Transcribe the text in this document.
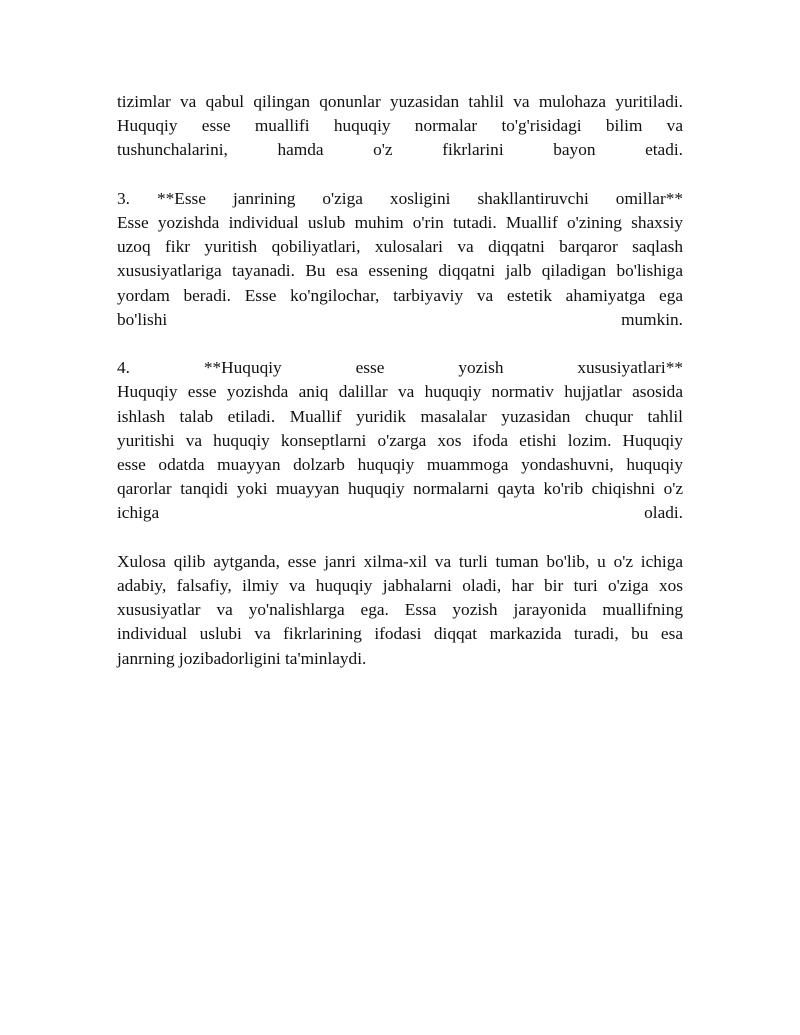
tizimlar va qabul qilingan qonunlar yuzasidan tahlil va mulohaza yuritiladi.
Huquqiy esse muallifi huquqiy normalar to'g'risidagi bilim va
tushunchalarini, hamda o'z fikrlarini bayon etadi.
3. **Esse janrining o'ziga xosligini shakllantiruvchi omillar**
Esse yozishda individual uslub muhim o'rin tutadi. Muallif o'zining shaxsiy
uzoq fikr yuritish qobiliyatlari, xulosalari va diqqatni barqaror saqlash
xususiyatlariga tayanadi. Bu esa essening diqqatni jalb qiladigan bo'lishiga
yordam beradi. Esse ko'ngilochar, tarbiyaviy va estetik ahamiyatga ega
bo'lishi mumkin.
4. **Huquqiy esse yozish xususiyatlari**
Huquqiy esse yozishda aniq dalillar va huquqiy normativ hujjatlar asosida
ishlash talab etiladi. Muallif yuridik masalalar yuzasidan chuqur tahlil
yuritishi va huquqiy konseptlarni o'zarga xos ifoda etishi lozim. Huquqiy
esse odatda muayyan dolzarb huquqiy muammoga yondashuvni, huquqiy
qarorlar tanqidi yoki muayyan huquqiy normalarni qayta ko'rib chiqishni o'z
ichiga oladi.
Xulosa qilib aytganda, esse janri xilma-xil va turli tuman bo'lib, u o'z ichiga
adabiy, falsafiy, ilmiy va huquqiy jabhalarni oladi, har bir turi o'ziga xos
xususiyatlar va yo'nalishlarga ega. Essa yozish jarayonida muallifning
individual uslubi va fikrlarining ifodasi diqqat markazida turadi, bu esa
janrning jozibadorligini ta'minlaydi.
